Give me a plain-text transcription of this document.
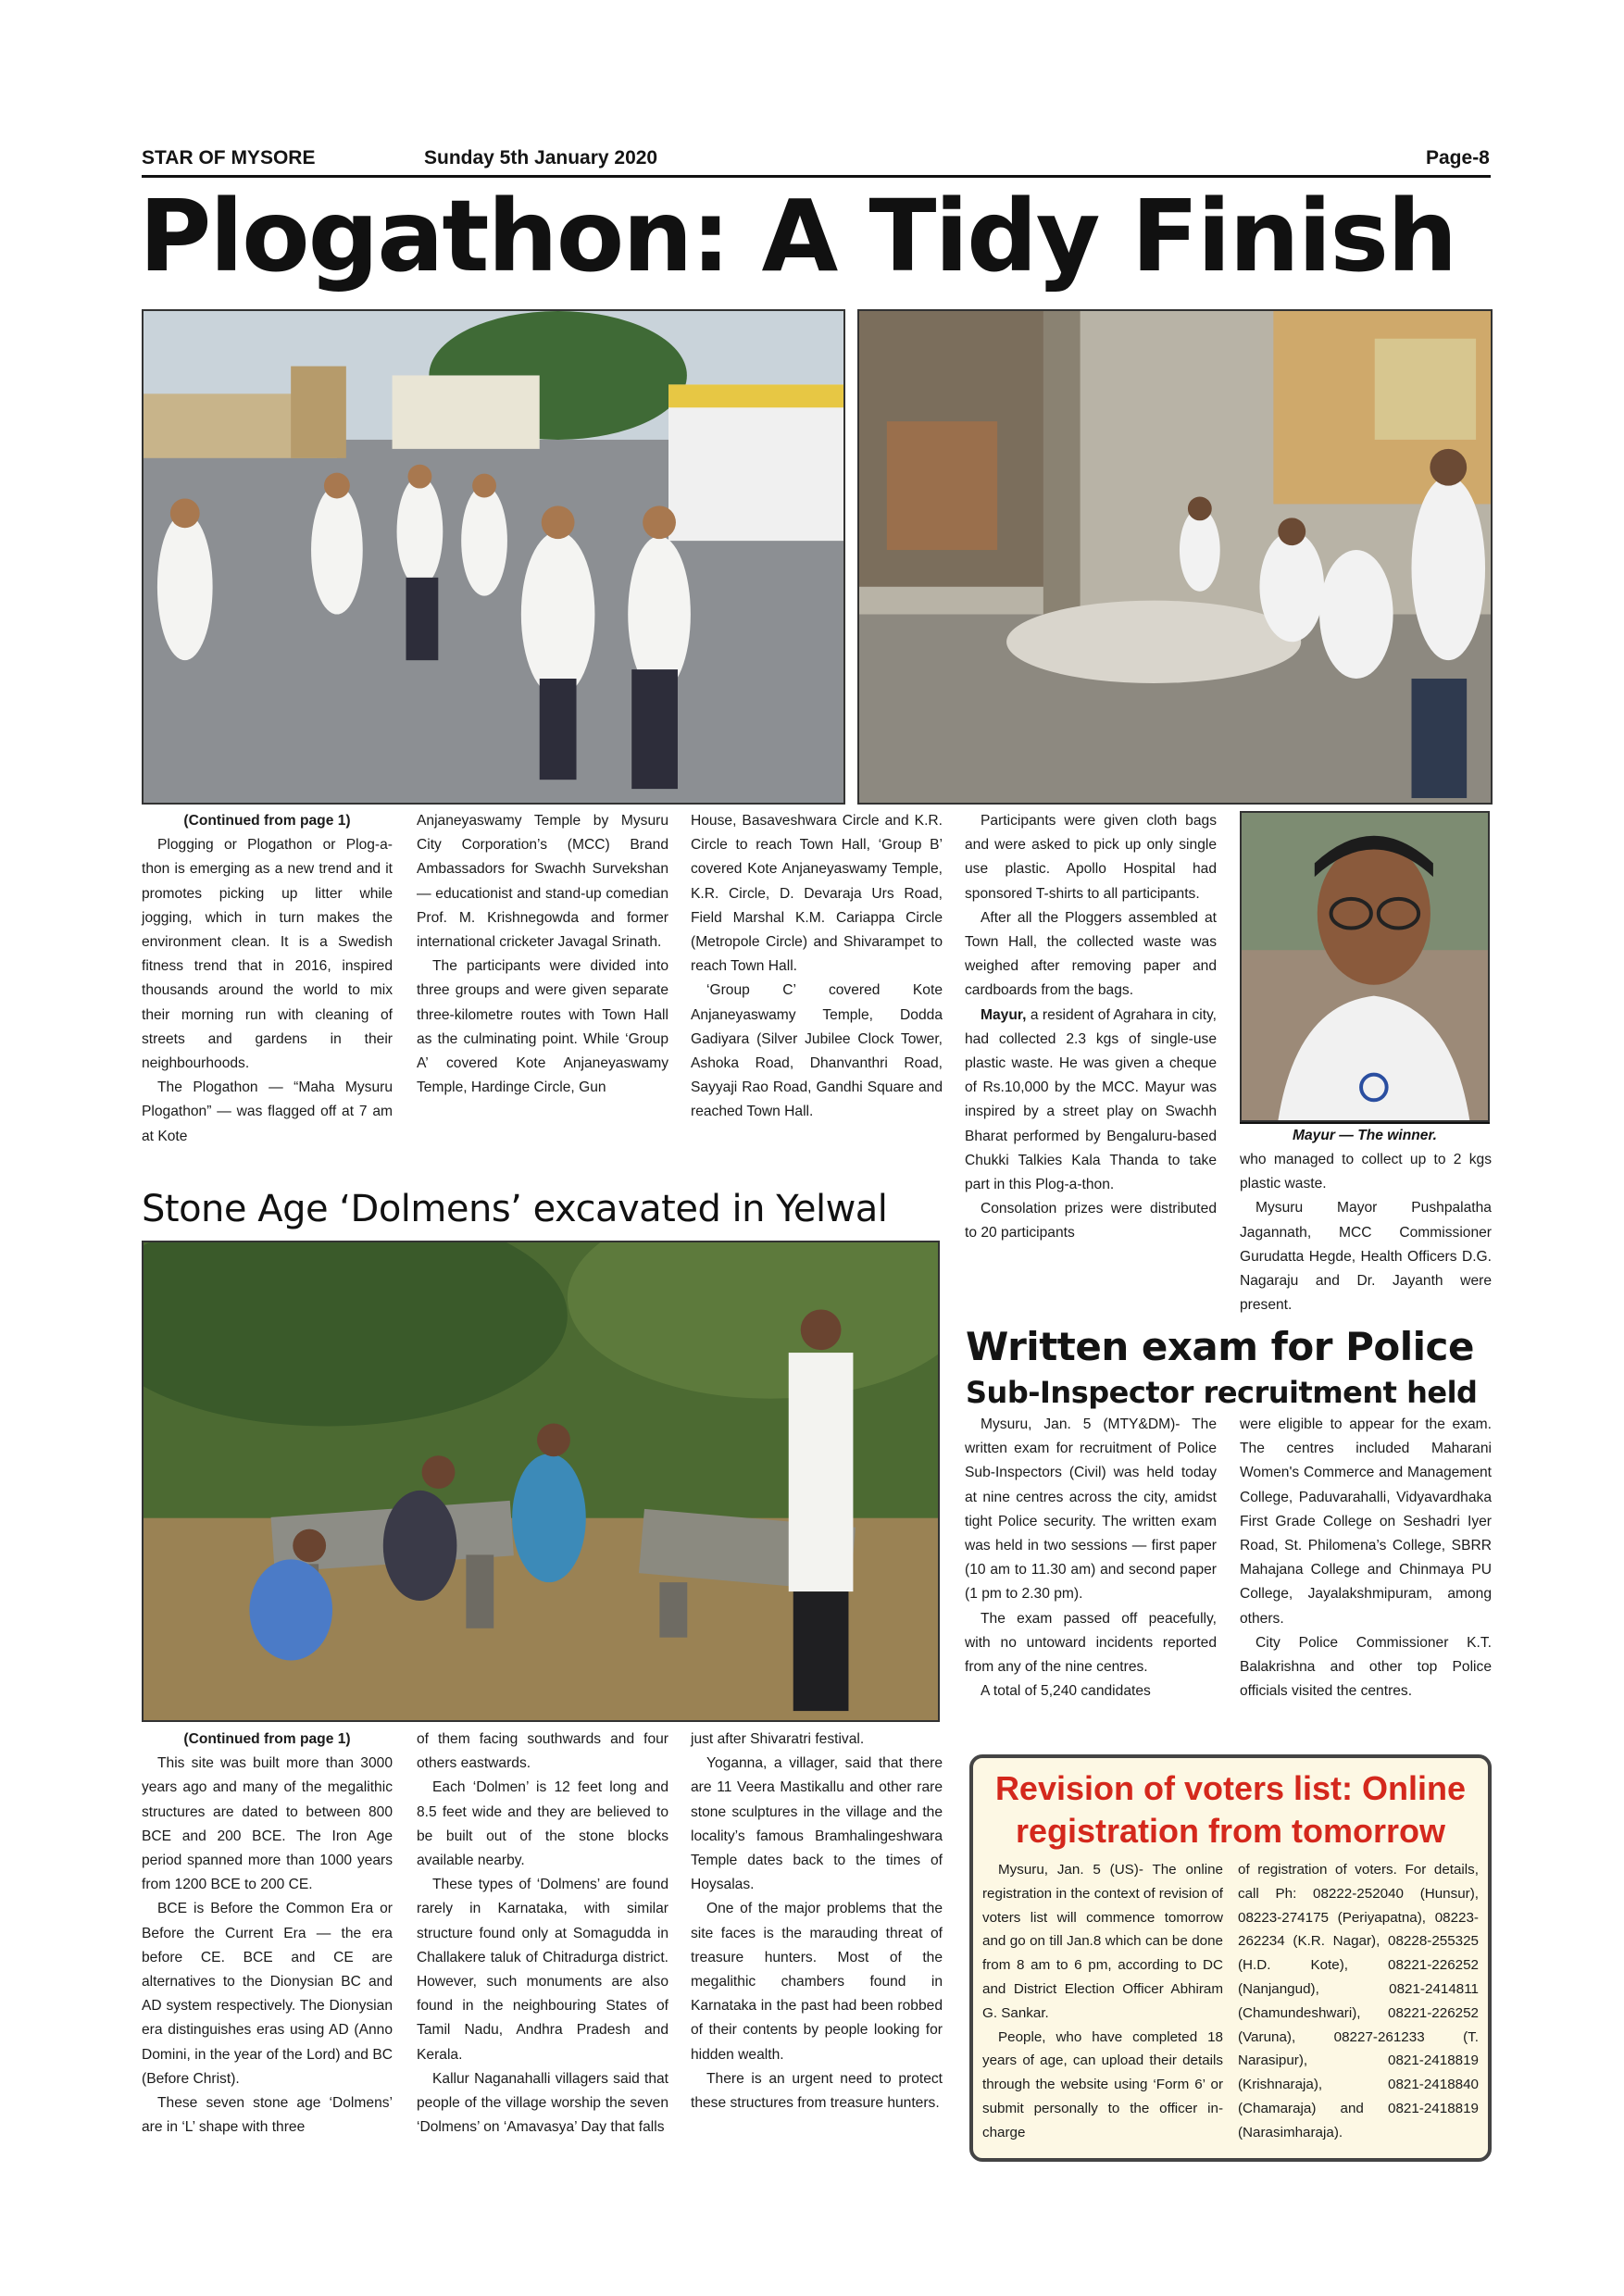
STAR OF MYSORE	Sunday 5th January 2020	Page-8
Plogathon: A Tidy Finish

(Continued from page 1)

Plogging or Plogathon or Plog-a-thon is emerging as a new trend and it promotes picking up litter while jogging, which in turn makes the environment clean. It is a Swedish fitness trend that in 2016, inspired thousands around the world to mix their morning run with cleaning of streets and gardens in their neighbourhoods.

The Plogathon — “Maha Mysuru Plogathon” — was flagged off at 7 am at Kote

Anjaneyaswamy Temple by Mysuru City Corporation’s (MCC) Brand Ambassadors for Swachh Survekshan — educationist and stand-up comedian Prof. M. Krishnegowda and former international cricketer Javagal Srinath.

The participants were divided into three groups and were given separate three-kilometre routes with Town Hall as the culminating point. While ‘Group A’ covered Kote Anjaneyaswamy Temple, Hardinge Circle, Gun

House, Basaveshwara Circle and K.R. Circle to reach Town Hall, ‘Group B’ covered Kote Anjaneyaswamy Temple, K.R. Circle, D. Devaraja Urs Road, Field Marshal K.M. Cariappa Circle (Metropole Circle) and Shivarampet to reach Town Hall.

‘Group C’ covered Kote Anjaneyaswamy Temple, Dodda Gadiyara (Silver Jubilee Clock Tower, Ashoka Road, Dhanvanthri Road, Sayyaji Rao Road, Gandhi Square and reached Town Hall.

Participants were given cloth bags and were asked to pick up only single use plastic. Apollo Hospital had sponsored T-shirts to all participants.

After all the Ploggers assembled at Town Hall, the collected waste was weighed after removing paper and cardboards from the bags.

Mayur, a resident of Agrahara in city, had collected 2.3 kgs of single-use plastic waste. He was given a cheque of Rs.10,000 by the MCC. Mayur was inspired by a street play on Swachh Bharat performed by Bengaluru-based Chukki Talkies Kala Thanda to take part in this Plog-a-thon.

Consolation prizes were distributed to 20 participants

Mayur — The winner.

who managed to collect up to 2 kgs plastic waste.

Mysuru Mayor Pushpalatha Jagannath, MCC Commissioner Gurudatta Hegde, Health Officers D.G. Nagaraju and Dr. Jayanth were present.

Stone Age ‘Dolmens’ excavated in Yelwal

(Continued from page 1)

This site was built more than 3000 years ago and many of the megalithic structures are dated to between 800 BCE and 200 BCE. The Iron Age period spanned more than 1000 years from 1200 BCE to 200 CE.

BCE is Before the Common Era or Before the Current Era — the era before CE. BCE and CE are alternatives to the Dionysian BC and AD system respectively. The Dionysian era distinguishes eras using AD (Anno Domini, in the year of the Lord) and BC (Before Christ).

These seven stone age ‘Dolmens’ are in ‘L’ shape with three

of them facing southwards and four others eastwards.

Each ‘Dolmen’ is 12 feet long and 8.5 feet wide and they are believed to be built out of the stone blocks available nearby.

These types of ‘Dolmens’ are found rarely in Karnataka, with similar structure found only at Somagudda in Challakere taluk of Chitradurga district. However, such monuments are also found in the neighbouring States of Tamil Nadu, Andhra Pradesh and Kerala.

Kallur Naganahalli villagers said that people of the village worship the seven ‘Dolmens’ on ‘Amavasya’ Day that falls

just after Shivaratri festival.

Yoganna, a villager, said that there are 11 Veera Mastikallu and other rare stone sculptures in the village and the locality’s famous Bramhalingeshwara Temple dates back to the times of Hoysalas.

One of the major problems that the site faces is the marauding threat of treasure hunters. Most of the megalithic chambers found in Karnataka in the past had been robbed of their contents by people looking for hidden wealth.

There is an urgent need to protect these structures from treasure hunters.

Written exam for Police
Sub-Inspector recruitment held

Mysuru, Jan. 5 (MTY&DM)- The written exam for recruitment of Police Sub-Inspectors (Civil) was held today at nine centres across the city, amidst tight Police security. The written exam was held in two sessions — first paper (10 am to 11.30 am) and second paper (1 pm to 2.30 pm).

The exam passed off peacefully, with no untoward incidents reported from any of the nine centres.

A total of 5,240 candidates

were eligible to appear for the exam. The centres included Maharani Women's Commerce and Management College, Paduvarahalli, Vidyavardhaka First Grade College on Seshadri Iyer Road, St. Philomena’s College, SBRR Mahajana College and Chinmaya PU College, Jayalakshmipuram, among others.

City Police Commissioner K.T. Balakrishna and other top Police officials visited the centres.

Revision of voters list: Online
registration from tomorrow

Mysuru, Jan. 5 (US)- The online registration in the context of revision of voters list will commence tomorrow and go on till Jan.8 which can be done from 8 am to 6 pm, according to DC and District Election Officer Abhiram G. Sankar.

People, who have completed 18 years of age, can upload their details through the website using ‘Form 6’ or submit personally to the officer in-charge

of registration of voters. For details, call Ph: 08222-252040 (Hunsur), 08223-274175 (Periyapatna), 08223-262234 (K.R. Nagar), 08228-255325 (H.D. Kote), 08221-226252 (Nanjangud), 0821-2414811 (Chamundeshwari), 08221-226252 (Varuna), 08227-261233 (T. Narasipur), 0821-2418819 (Krishnaraja), 0821-2418840 (Chamaraja) and 0821-2418819 (Narasimharaja).
